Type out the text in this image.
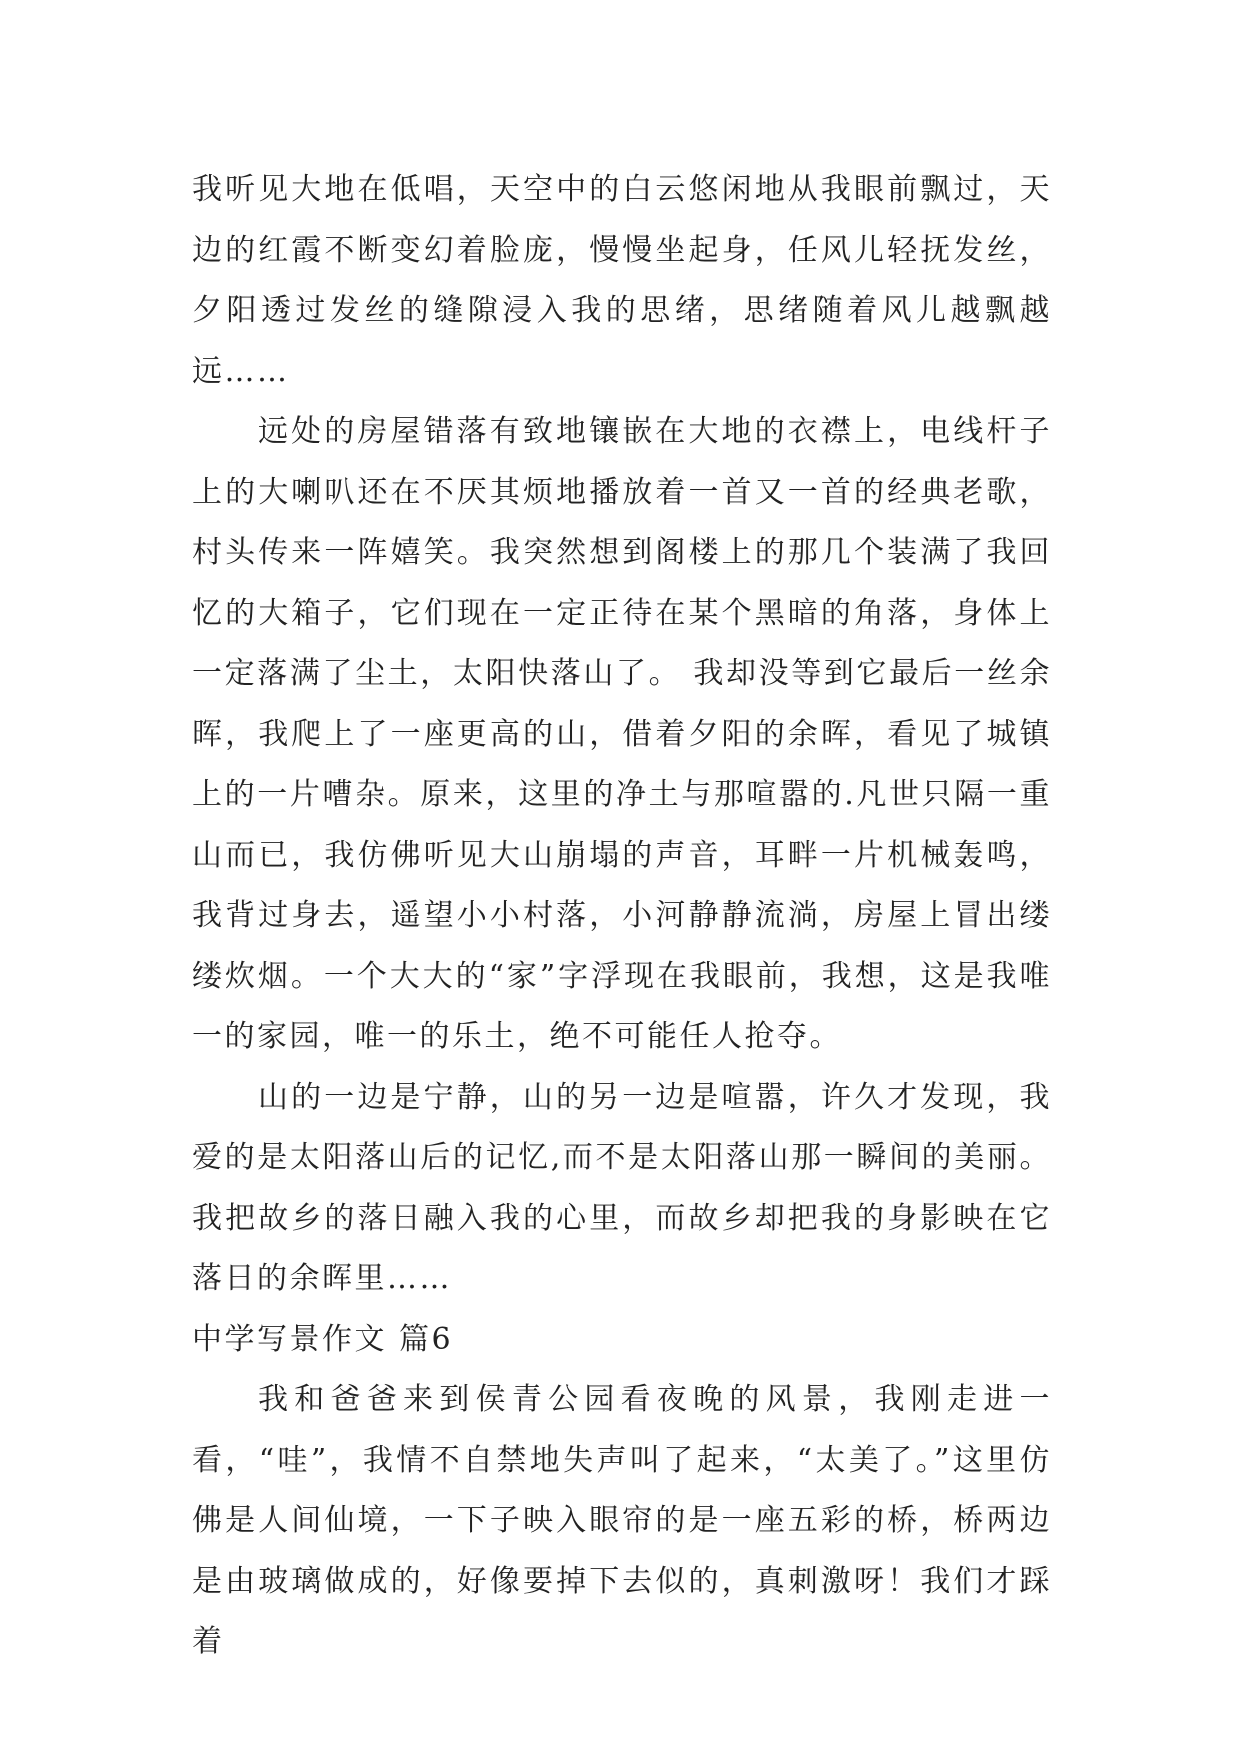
我听见大地在低唱，天空中的白云悠闲地从我眼前飘过，天边的红霞不断变幻着脸庞，慢慢坐起身，任风儿轻抚发丝，夕阳透过发丝的缝隙浸入我的思绪，思绪随着风儿越飘越远……

远处的房屋错落有致地镶嵌在大地的衣襟上，电线杆子上的大喇叭还在不厌其烦地播放着一首又一首的经典老歌，村头传来一阵嬉笑。我突然想到阁楼上的那几个装满了我回忆的大箱子，它们现在一定正待在某个黑暗的角落，身体上一定落满了尘土，太阳快落山了。 我却没等到它最后一丝余晖，我爬上了一座更高的山，借着夕阳的余晖，看见了城镇上的一片嘈杂。原来，这里的净土与那喧嚣的.凡世只隔一重山而已，我仿佛听见大山崩塌的声音，耳畔一片机械轰鸣，我背过身去，遥望小小村落，小河静静流淌，房屋上冒出缕缕炊烟。一个大大的“家”字浮现在我眼前，我想，这是我唯一的家园，唯一的乐土，绝不可能任人抢夺。

山的一边是宁静，山的另一边是喧嚣，许久才发现，我爱的是太阳落山后的记忆,而不是太阳落山那一瞬间的美丽。我把故乡的落日融入我的心里，而故乡却把我的身影映在它落日的余晖里……

中学写景作文 篇6

我和爸爸来到侯青公园看夜晚的风景，我刚走进一看，“哇”，我情不自禁地失声叫了起来，“太美了。”这里仿佛是人间仙境，一下子映入眼帘的是一座五彩的桥，桥两边是由玻璃做成的，好像要掉下去似的，真刺激呀！我们才踩着
